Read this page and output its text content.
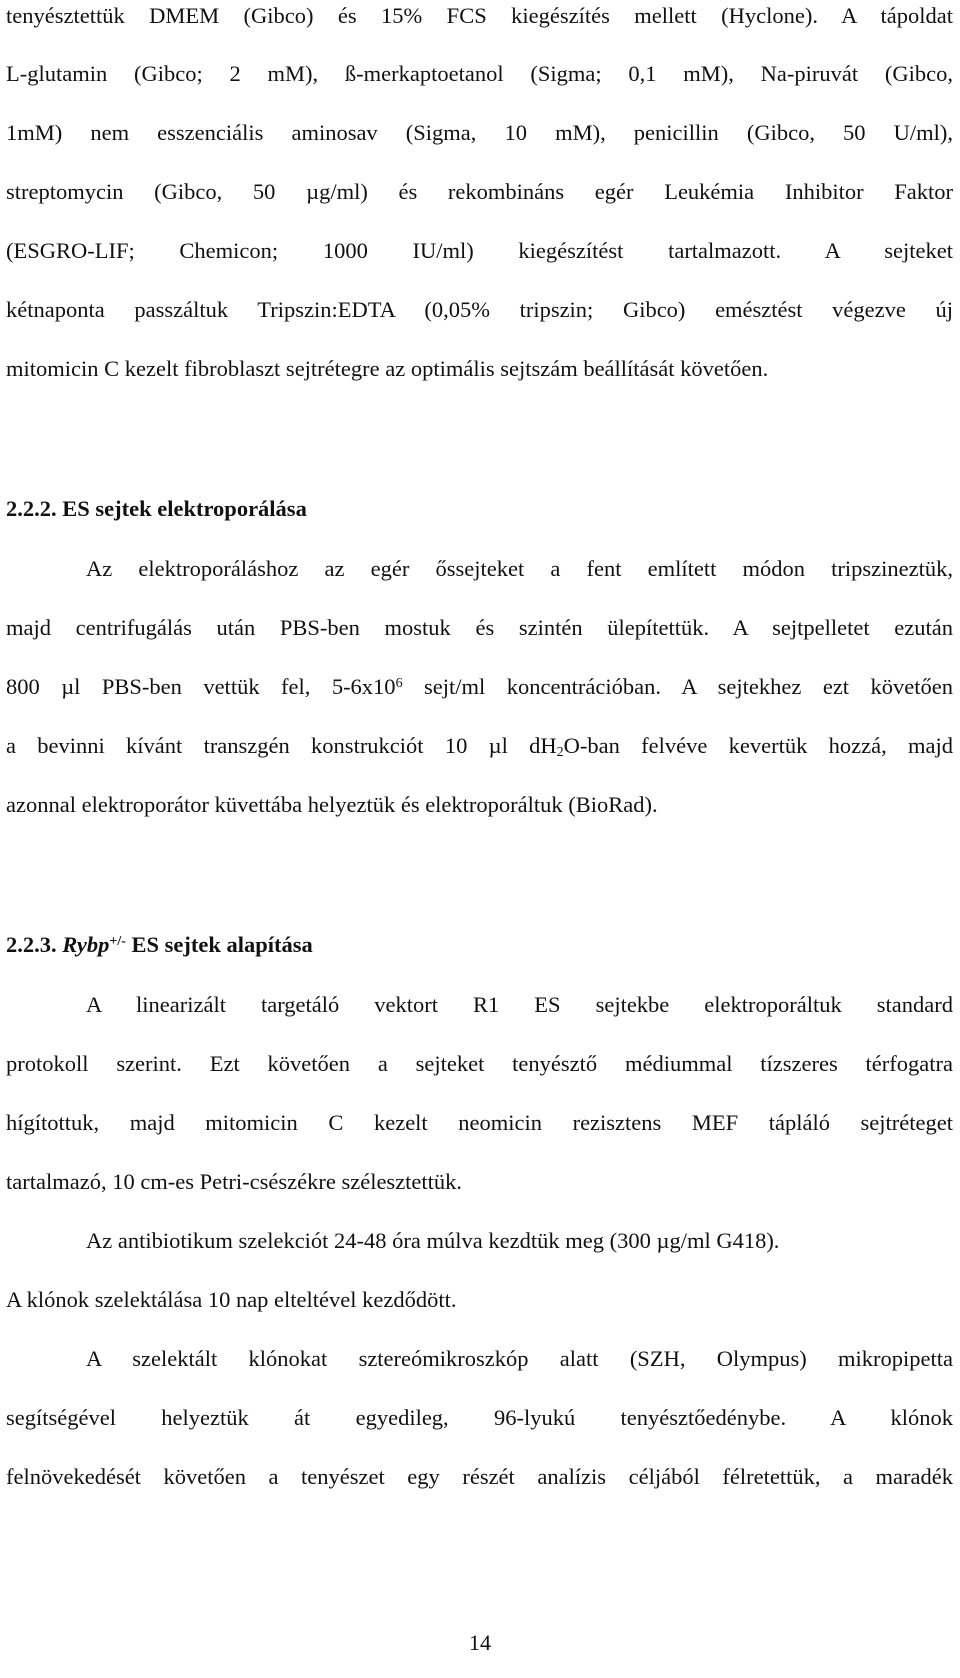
tenyésztettük DMEM (Gibco) és 15% FCS kiegészítés mellett (Hyclone). A tápoldat
L-glutamin (Gibco; 2 mM), ß-merkaptoetanol (Sigma; 0,1 mM), Na-piruvát (Gibco,
1mM) nem esszenciális aminosav (Sigma, 10 mM), penicillin (Gibco, 50 U/ml),
streptomycin (Gibco, 50 µg/ml) és rekombináns egér Leukémia Inhibitor Faktor
(ESGRO-LIF; Chemicon; 1000 IU/ml) kiegészítést tartalmazott. A sejteket
kétnaponta passzáltuk Tripszin:EDTA (0,05% tripszin; Gibco) emésztést végezve új
mitomicin C kezelt fibroblaszt sejtrétegre az optimális sejtszám beállítását követően.
2.2.2. ES sejtek elektroporálása
Az elektroporáláshoz az egér őssejteket a fent említett módon tripszineztük,
majd centrifugálás után PBS-ben mostuk és szintén ülepítettük. A sejtpelletet ezután
800 µl PBS-ben vettük fel, $5-6x10^6$ sejt/ml koncentrációban. A sejtekhez ezt követően
a bevinni kívánt transzgén konstrukciót 10 µl $dH_2O$-ban felvéve kevertük hozzá, majd
azonnal elektroporátor küvettába helyeztük és elektroporáltuk (BioRad).
2.2.3. Rybp+/- ES sejtek alapítása
A linearizált targetáló vektort R1 ES sejtekbe elektroporáltuk standard
protokoll szerint. Ezt követően a sejteket tenyésztő médiummal tízszeres térfogatra
hígítottuk, majd mitomicin C kezelt neomicin rezisztens MEF tápláló sejtréteget
tartalmazó, 10 cm-es Petri-csészékre szélesztettük.
Az antibiotikum szelekciót 24-48 óra múlva kezdtük meg (300 µg/ml G418).
A klónok szelektálása 10 nap elteltével kezdődött.
A szelektált klónokat sztereómikroszkóp alatt (SZH, Olympus) mikropipetta
segítségével helyeztük át egyedileg, 96-lyukú tenyésztőedénybe. A klónok
felnövekedését követően a tenyészet egy részét analízis céljából félretettük, a maradék
14
